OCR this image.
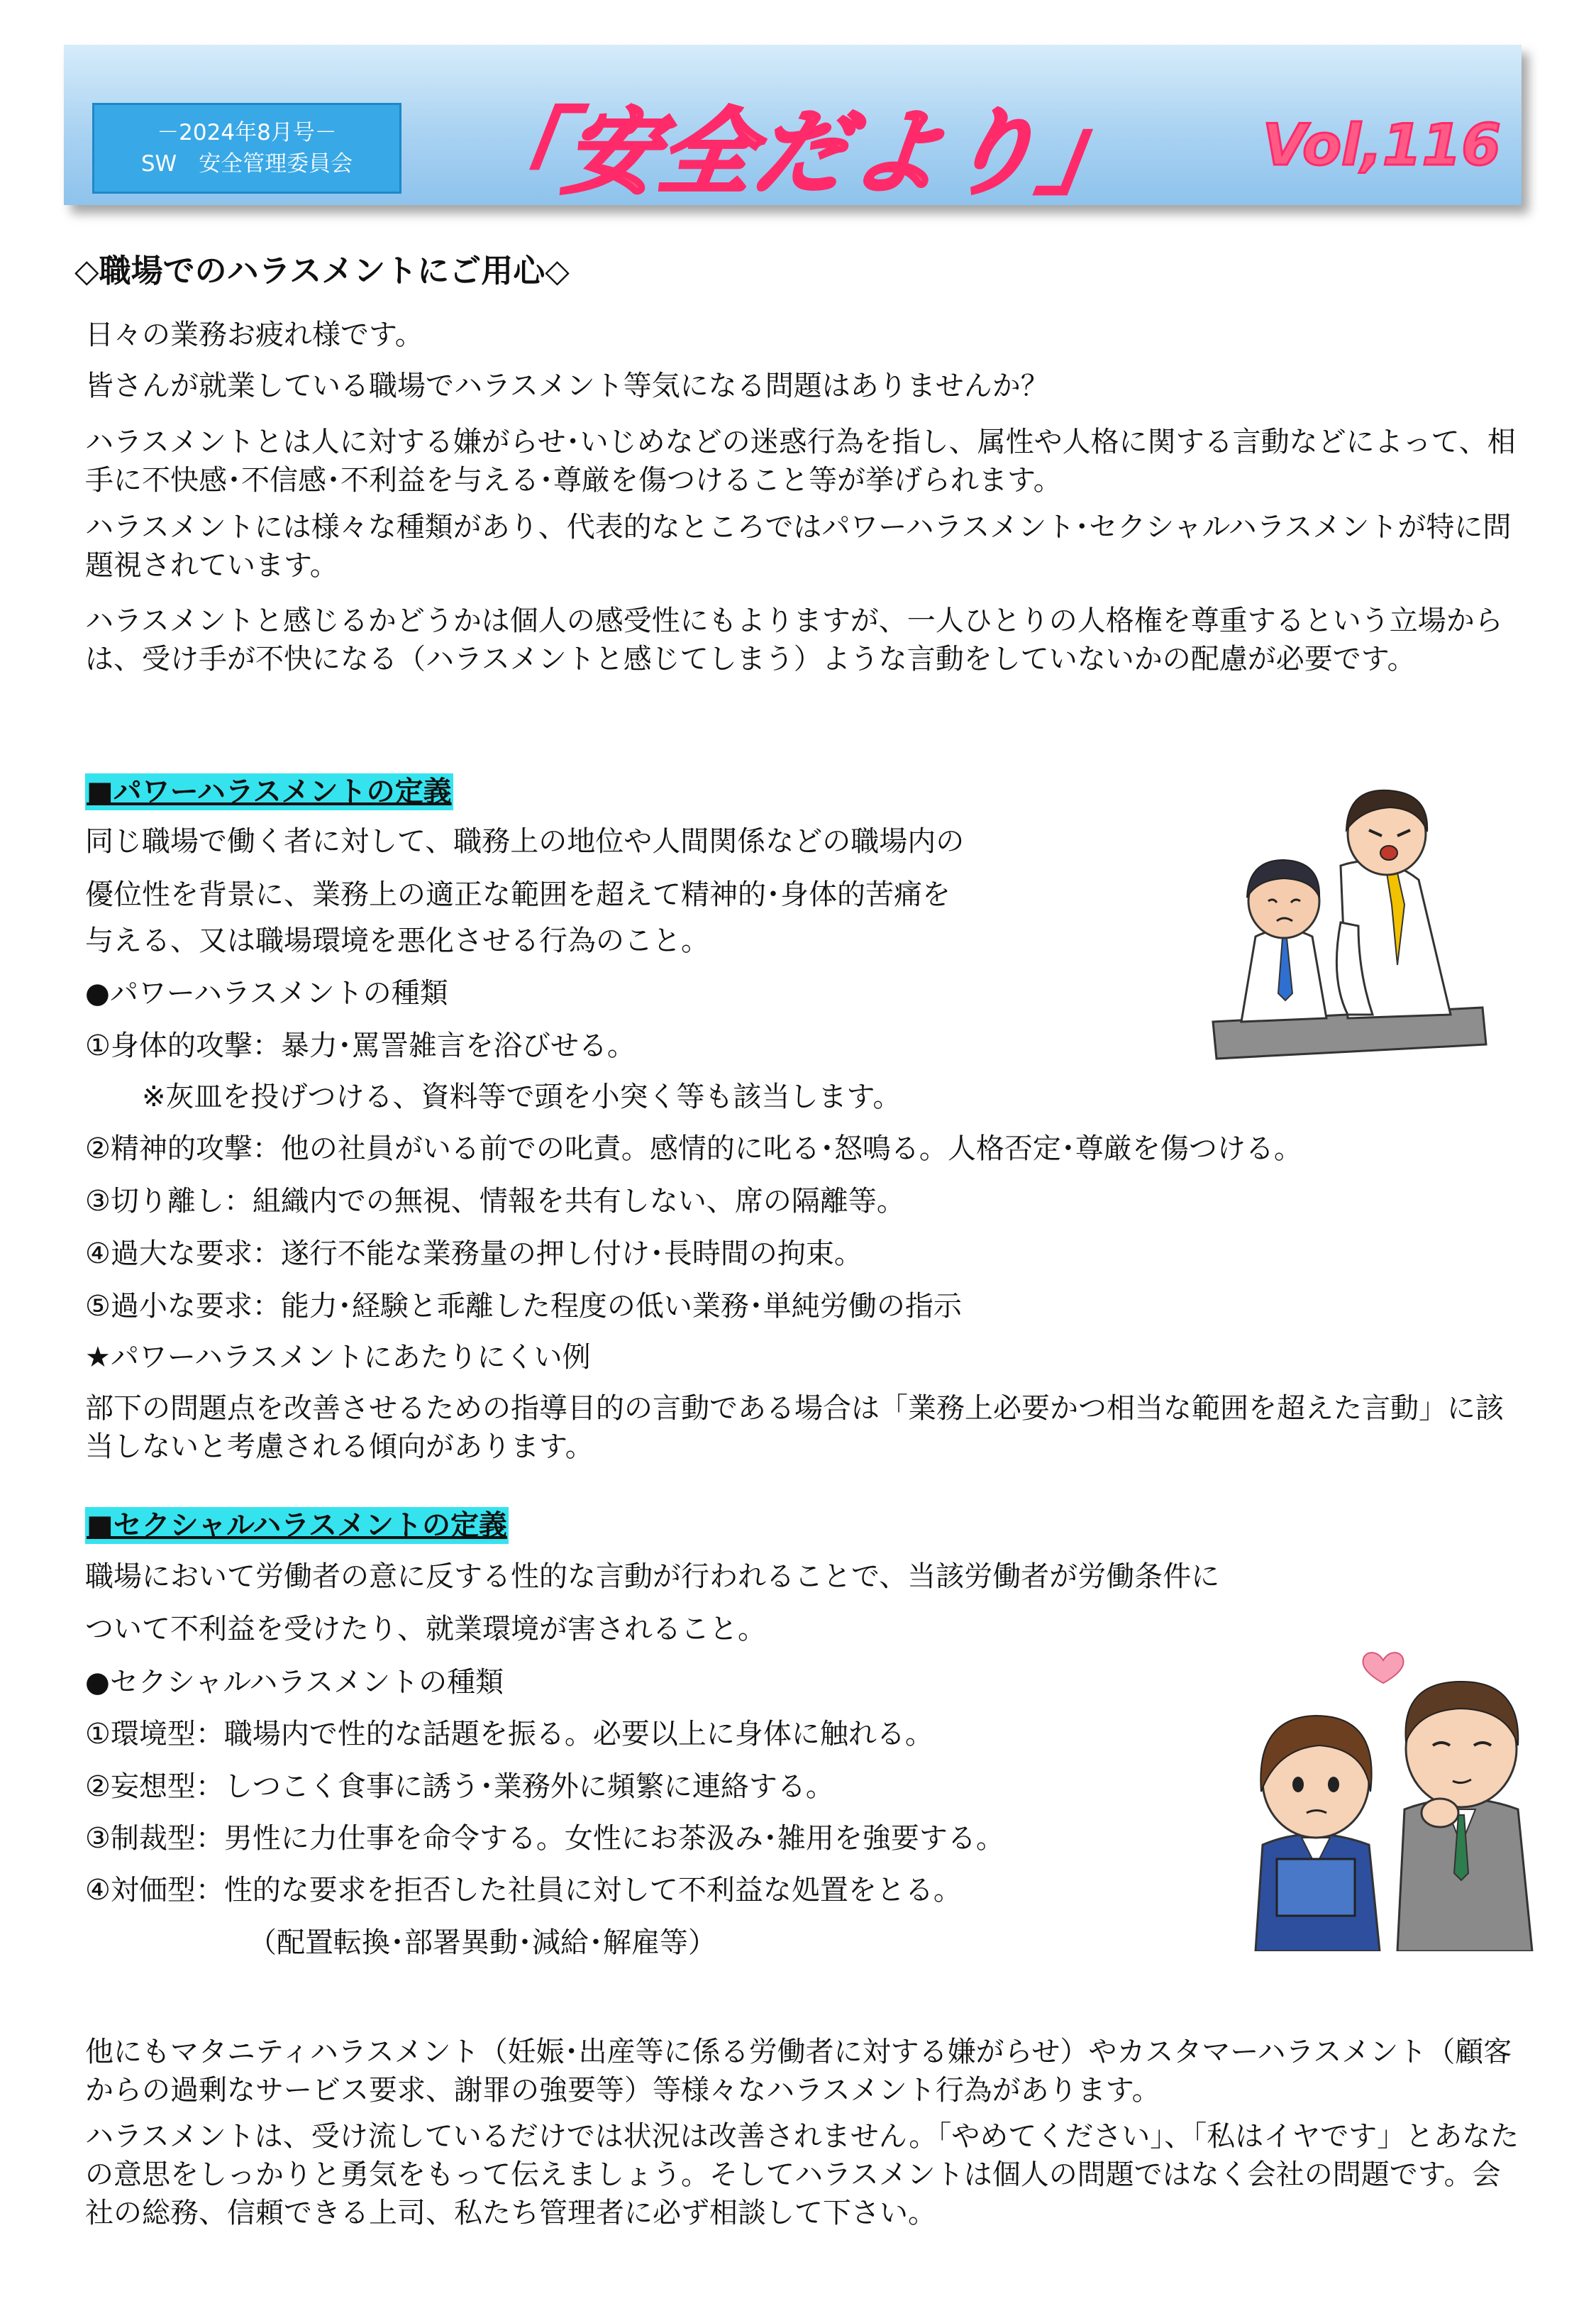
－2024年8月号－
SW　安全管理委員会	「安全だより」 Vol,116
◇職場でのハラスメントにご用心◇
日々の業務お疲れ様です。
皆さんが就業している職場でハラスメント等気になる問題はありませんか？
ハラスメントとは人に対する嫌がらせ･いじめなどの迷惑行為を指し、属性や人格に関する言動などによって、相手に不快感･不信感･不利益を与える･尊厳を傷つけること等が挙げられます。
ハラスメントには様々な種類があり、代表的なところではパワーハラスメント･セクシャルハラスメントが特に問題視されています。
ハラスメントと感じるかどうかは個人の感受性にもよりますが、一人ひとりの人格権を尊重するという立場からは、受け手が不快になる（ハラスメントと感じてしまう）ような言動をしていないかの配慮が必要です。
■パワーハラスメントの定義
同じ職場で働く者に対して、職務上の地位や人間関係などの職場内の
優位性を背景に、業務上の適正な範囲を超えて精神的･身体的苦痛を
与える、又は職場環境を悪化させる行為のこと。
●パワーハラスメントの種類
①身体的攻撃：暴力･罵詈雑言を浴びせる。
　　※灰皿を投げつける、資料等で頭を小突く等も該当します。
②精神的攻撃：他の社員がいる前での叱責。感情的に叱る･怒鳴る。人格否定･尊厳を傷つける。
③切り離し：組織内での無視、情報を共有しない、席の隔離等。
④過大な要求：遂行不能な業務量の押し付け･長時間の拘束。
⑤過小な要求：能力･経験と乖離した程度の低い業務･単純労働の指示
★パワーハラスメントにあたりにくい例
部下の問題点を改善させるための指導目的の言動である場合は「業務上必要かつ相当な範囲を超えた言動」に該当しないと考慮される傾向があります。
■セクシャルハラスメントの定義
職場において労働者の意に反する性的な言動が行われることで、当該労働者が労働条件に
ついて不利益を受けたり、就業環境が害されること。
●セクシャルハラスメントの種類
①環境型：職場内で性的な話題を振る。必要以上に身体に触れる。
②妄想型：しつこく食事に誘う･業務外に頻繁に連絡する。
③制裁型：男性に力仕事を命令する。女性にお茶汲み･雑用を強要する。
④対価型：性的な要求を拒否した社員に対して不利益な処置をとる。
（配置転換･部署異動･減給･解雇等）
他にもマタニティハラスメント（妊娠･出産等に係る労働者に対する嫌がらせ）やカスタマーハラスメント（顧客からの過剰なサービス要求、謝罪の強要等）等様々なハラスメント行為があります。
ハラスメントは、受け流しているだけでは状況は改善されません。「やめてください」、「私はイヤです」とあなたの意思をしっかりと勇気をもって伝えましょう。そしてハラスメントは個人の問題ではなく会社の問題です。会社の総務、信頼できる上司、私たち管理者に必ず相談して下さい。
